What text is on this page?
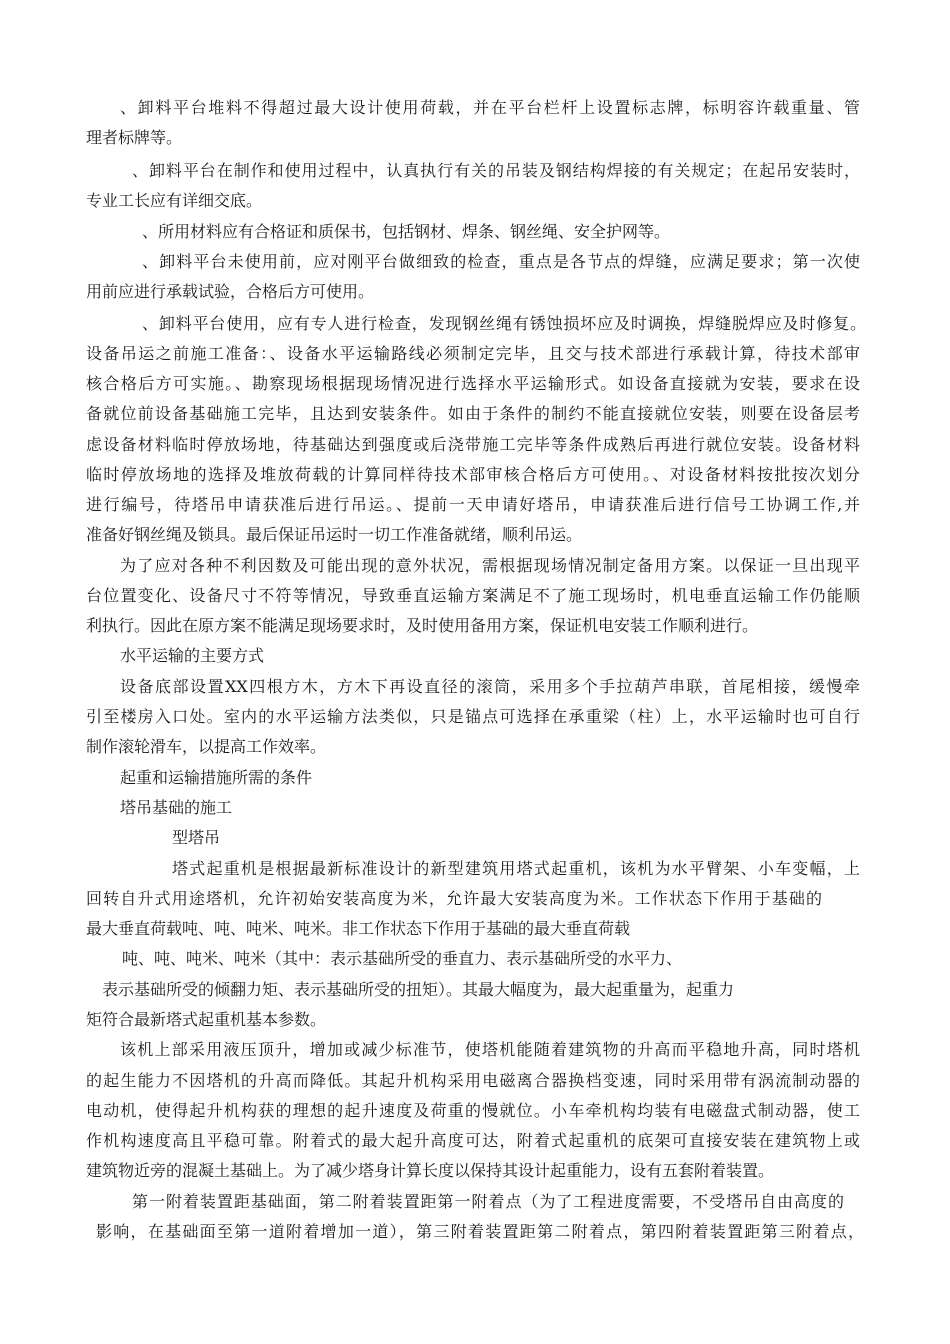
、卸料平台堆料不得超过最大设计使用荷载，并在平台栏杆上设置标志牌，标明容许载重量、管

理者标牌等。

、卸料平台在制作和使用过程中，认真执行有关的吊装及钢结构焊接的有关规定；在起吊安装时，

专业工长应有详细交底。

、所用材料应有合格证和质保书，包括钢材、焊条、钢丝绳、安全护网等。

、卸料平台未使用前，应对刚平台做细致的检查，重点是各节点的焊缝，应满足要求；第一次使

用前应进行承载试验，合格后方可使用。

、卸料平台使用，应有专人进行检查，发现钢丝绳有锈蚀损坏应及时调换，焊缝脱焊应及时修复。

设备吊运之前施工准备：、设备水平运输路线必须制定完毕，且交与技术部进行承载计算，待技术部审

核合格后方可实施。、勘察现场根据现场情况进行选择水平运输形式。如设备直接就为安装，要求在设

备就位前设备基础施工完毕，且达到安装条件。如由于条件的制约不能直接就位安装，则要在设备层考

虑设备材料临时停放场地，待基础达到强度或后浇带施工完毕等条件成熟后再进行就位安装。设备材料

临时停放场地的选择及堆放荷载的计算同样待技术部审核合格后方可使用。、对设备材料按批按次划分

进行编号，待塔吊申请获准后进行吊运。、提前一天申请好塔吊，申请获准后进行信号工协调工作,并

准备好钢丝绳及锁具。最后保证吊运时一切工作准备就绪，顺利吊运。

为了应对各种不利因数及可能出现的意外状况，需根据现场情况制定备用方案。以保证一旦出现平

台位置变化、设备尺寸不符等情况，导致垂直运输方案满足不了施工现场时，机电垂直运输工作仍能顺

利执行。因此在原方案不能满足现场要求时，及时使用备用方案，保证机电安装工作顺利进行。

水平运输的主要方式

设备底部设置XX四根方木，方木下再设直径的滚筒，采用多个手拉葫芦串联，首尾相接，缓慢牵

引至楼房入口处。室内的水平运输方法类似，只是锚点可选择在承重梁（柱）上，水平运输时也可自行

制作滚轮滑车，以提高工作效率。

起重和运输措施所需的条件

塔吊基础的施工

型塔吊

塔式起重机是根据最新标准设计的新型建筑用塔式起重机，该机为水平臂架、小车变幅，上

回转自升式用途塔机，允许初始安装高度为米，允许最大安装高度为米。工作状态下作用于基础的

最大垂直荷载吨、吨、吨米、吨米。非工作状态下作用于基础的最大垂直荷载

吨、吨、吨米、吨米（其中：表示基础所受的垂直力、表示基础所受的水平力、

表示基础所受的倾翻力矩、表示基础所受的扭矩）。其最大幅度为，最大起重量为，起重力

矩符合最新塔式起重机基本参数。

该机上部采用液压顶升，增加或减少标准节，使塔机能随着建筑物的升高而平稳地升高，同时塔机

的起生能力不因塔机的升高而降低。其起升机构采用电磁离合器换档变速，同时采用带有涡流制动器的

电动机，使得起升机构获的理想的起升速度及荷重的慢就位。小车牵机构均装有电磁盘式制动器，使工

作机构速度高且平稳可靠。附着式的最大起升高度可达，附着式起重机的底架可直接安装在建筑物上或

建筑物近旁的混凝土基础上。为了减少塔身计算长度以保持其设计起重能力，设有五套附着装置。

第一附着装置距基础面，第二附着装置距第一附着点（为了工程进度需要，不受塔吊自由高度的

影响，在基础面至第一道附着增加一道），第三附着装置距第二附着点，第四附着装置距第三附着点，
